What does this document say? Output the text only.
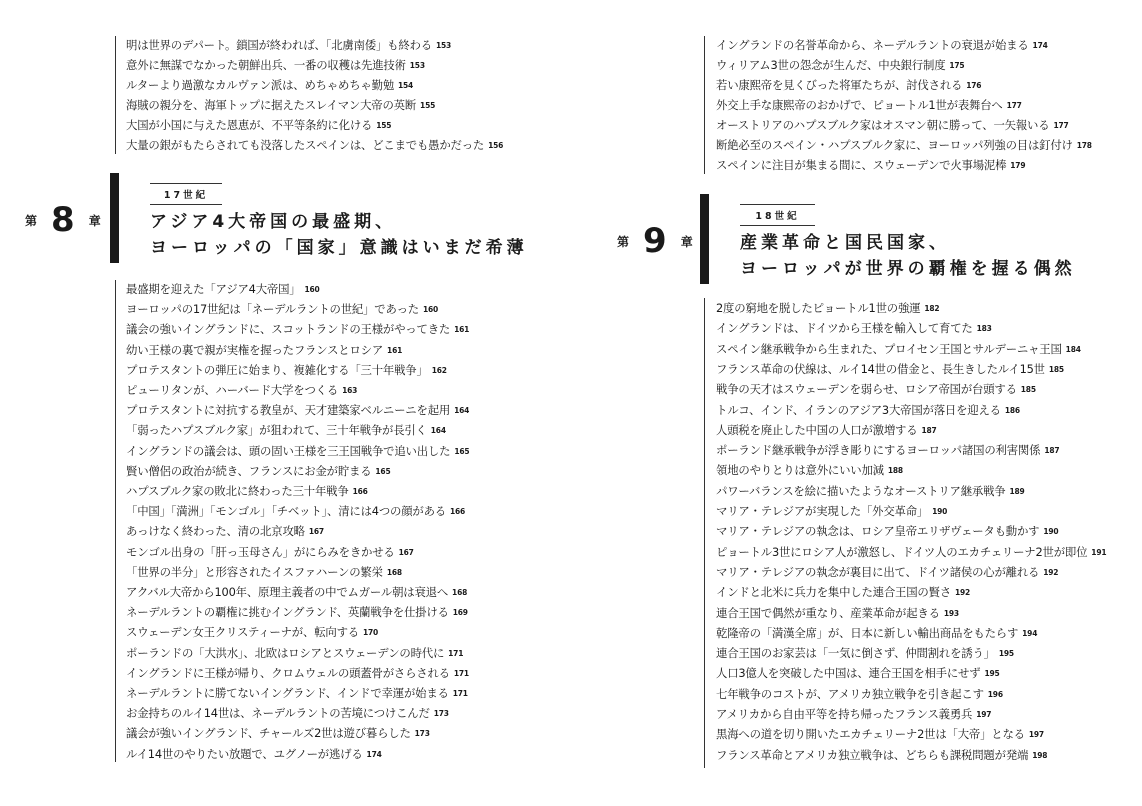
明は世界のデパート。鎖国が終われば、「北虜南倭」も終わる 153
意外に無謀でなかった朝鮮出兵、一番の収穫は先進技術 153
ルターより過激なカルヴァン派は、めちゃめちゃ勤勉 154
海賊の親分を、海軍トップに据えたスレイマン大帝の英断 155
大国が小国に与えた恩恵が、不平等条約に化ける 155
大量の銀がもたらされても没落したスペインは、どこまでも愚かだった 156
第 8 章
17世紀
アジア4大帝国の最盛期、
ヨーロッパの「国家」意識はいまだ希薄
最盛期を迎えた「アジア4大帝国」 160
ヨーロッパの17世紀は「ネーデルラントの世紀」であった 160
議会の強いイングランドに、スコットランドの王様がやってきた 161
幼い王様の裏で親が実権を握ったフランスとロシア 161
プロテスタントの弾圧に始まり、複雑化する「三十年戦争」 162
ピューリタンが、ハーバード大学をつくる 163
プロテスタントに対抗する教皇が、天才建築家ベルニーニを起用 164
「弱ったハプスブルク家」が狙われて、三十年戦争が長引く 164
イングランドの議会は、頭の固い王様を三王国戦争で追い出した 165
賢い僧侶の政治が続き、フランスにお金が貯まる 165
ハプスブルク家の敗北に終わった三十年戦争 166
「中国」「満洲」「モンゴル」「チベット」、清には4つの顔がある 166
あっけなく終わった、清の北京攻略 167
モンゴル出身の「肝っ玉母さん」がにらみをきかせる 167
「世界の半分」と形容されたイスファハーンの繁栄 168
アクバル大帝から100年、原理主義者の中でムガール朝は衰退へ 168
ネーデルラントの覇権に挑むイングランド、英蘭戦争を仕掛ける 169
スウェーデン女王クリスティーナが、転向する 170
ポーランドの「大洪水」、北欧はロシアとスウェーデンの時代に 171
イングランドに王様が帰り、クロムウェルの頭蓋骨がさらされる 171
ネーデルラントに勝てないイングランド、インドで幸運が始まる 171
お金持ちのルイ14世は、ネーデルラントの苦境につけこんだ 173
議会が強いイングランド、チャールズ2世は遊び暮らした 173
ルイ14世のやりたい放題で、ユグノーが逃げる 174
イングランドの名誉革命から、ネーデルラントの衰退が始まる 174
ウィリアム3世の怨念が生んだ、中央銀行制度 175
若い康熙帝を見くびった将軍たちが、討伐される 176
外交上手な康熙帝のおかげで、ピョートル1世が表舞台へ 177
オーストリアのハプスブルク家はオスマン朝に勝って、一矢報いる 177
断絶必至のスペイン・ハプスブルク家に、ヨーロッパ列強の目は釘付け 178
スペインに注目が集まる間に、スウェーデンで火事場泥棒 179
第 9 章
18世紀
産業革命と国民国家、
ヨーロッパが世界の覇権を握る偶然
2度の窮地を脱したピョートル1世の強運 182
イングランドは、ドイツから王様を輸入して育てた 183
スペイン継承戦争から生まれた、プロイセン王国とサルデーニャ王国 184
フランス革命の伏線は、ルイ14世の借金と、長生きしたルイ15世 185
戦争の天才はスウェーデンを弱らせ、ロシア帝国が台頭する 185
トルコ、インド、イランのアジア3大帝国が落日を迎える 186
人頭税を廃止した中国の人口が激増する 187
ポーランド継承戦争が浮き彫りにするヨーロッパ諸国の利害関係 187
領地のやりとりは意外にいい加減 188
パワーバランスを絵に描いたようなオーストリア継承戦争 189
マリア・テレジアが実現した「外交革命」 190
マリア・テレジアの執念は、ロシア皇帝エリザヴェータも動かす 190
ピョートル3世にロシア人が激怒し、ドイツ人のエカチェリーナ2世が即位 191
マリア・テレジアの執念が裏目に出て、ドイツ諸侯の心が離れる 192
インドと北米に兵力を集中した連合王国の賢さ 192
連合王国で偶然が重なり、産業革命が起きる 193
乾隆帝の「満漢全席」が、日本に新しい輸出商品をもたらす 194
連合王国のお家芸は「一気に倒さず、仲間割れを誘う」 195
人口3億人を突破した中国は、連合王国を相手にせず 195
七年戦争のコストが、アメリカ独立戦争を引き起こす 196
アメリカから自由平等を持ち帰ったフランス義勇兵 197
黒海への道を切り開いたエカチェリーナ2世は「大帝」となる 197
フランス革命とアメリカ独立戦争は、どちらも課税問題が発端 198
